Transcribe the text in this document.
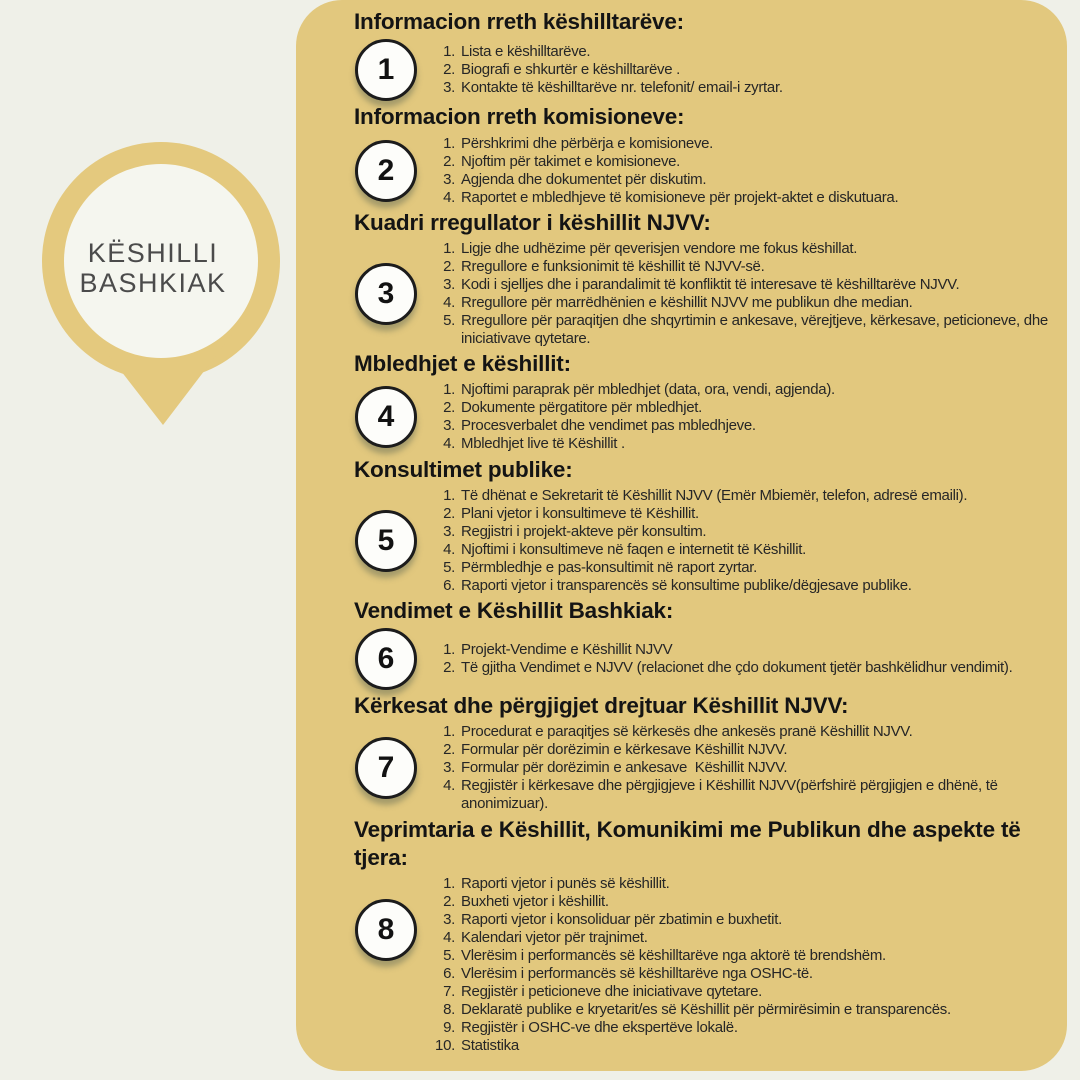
KËSHILLI
BASHKIAK
Informacion rreth këshilltarëve:
1
1. Lista e këshilltarëve.
2. Biografi e shkurtër e këshilltarëve .
3. Kontakte të këshilltarëve nr. telefonit/ email-i zyrtar.
Informacion rreth komisioneve:
2
1. Përshkrimi dhe përbërja e komisioneve.
2. Njoftim për takimet e komisioneve.
3. Agjenda dhe dokumentet për diskutim.
4. Raportet e mbledhjeve të komisioneve për projekt-aktet e diskutuara.
Kuadri rregullator i këshillit NJVV:
3
1. Ligje dhe udhëzime për qeverisjen vendore me fokus këshillat.
2. Rregullore e funksionimit të këshillit të NJVV-së.
3. Kodi i sjelljes dhe i parandalimit të konfliktit të interesave të këshilltarëve NJVV.
4. Rregullore për marrëdhënien e këshillit NJVV me publikun dhe median.
5. Rregullore për paraqitjen dhe shqyrtimin e ankesave, vërejtjeve, kërkesave, peticioneve, dhe iniciativave qytetare.
Mbledhjet e këshillit:
4
1. Njoftimi paraprak për mbledhjet (data, ora, vendi, agjenda).
2. Dokumente përgatitore për mbledhjet.
3. Procesverbalet dhe vendimet pas mbledhjeve.
4. Mbledhjet live të Këshillit .
Konsultimet publike:
5
1. Të dhënat e Sekretarit të Këshillit NJVV (Emër Mbiemër, telefon, adresë emaili).
2. Plani vjetor i konsultimeve të Këshillit.
3. Regjistri i projekt-akteve për konsultim.
4. Njoftimi i konsultimeve në faqen e internetit të Këshillit.
5. Përmbledhje e pas-konsultimit në raport zyrtar.
6. Raporti vjetor i transparencës së konsultime publike/dëgjesave publike.
Vendimet e Këshillit Bashkiak:
6	1. Projekt-Vendime e Këshillit NJVV
2. Të gjitha Vendimet e NJVV (relacionet dhe çdo dokument tjetër bashkëlidhur vendimit).
Kërkesat dhe përgjigjet drejtuar Këshillit NJVV:
7
1. Procedurat e paraqitjes së kërkesës dhe ankesës pranë Këshillit NJVV.
2. Formular për dorëzimin e kërkesave Këshillit NJVV.
3. Formular për dorëzimin e ankesave  Këshillit NJVV.
4. Regjistër i kërkesave dhe përgjigjeve i Këshillit NJVV(përfshirë përgjigjen e dhënë, të anonimizuar).
Veprimtaria e Këshillit, Komunikimi me Publikun dhe aspekte të tjera:
8
1. Raporti vjetor i punës së këshillit.
2. Buxheti vjetor i këshillit.
3. Raporti vjetor i konsoliduar për zbatimin e buxhetit.
4. Kalendari vjetor për trajnimet.
5. Vlerësim i performancës së këshilltarëve nga aktorë të brendshëm.
6. Vlerësim i performancës së këshilltarëve nga OSHC-të.
7. Regjistër i peticioneve dhe iniciativave qytetare.
8. Deklaratë publike e kryetarit/es së Këshillit për përmirësimin e transparencës.
9. Regjistër i OSHC-ve dhe ekspertëve lokalë.
10. Statistika
